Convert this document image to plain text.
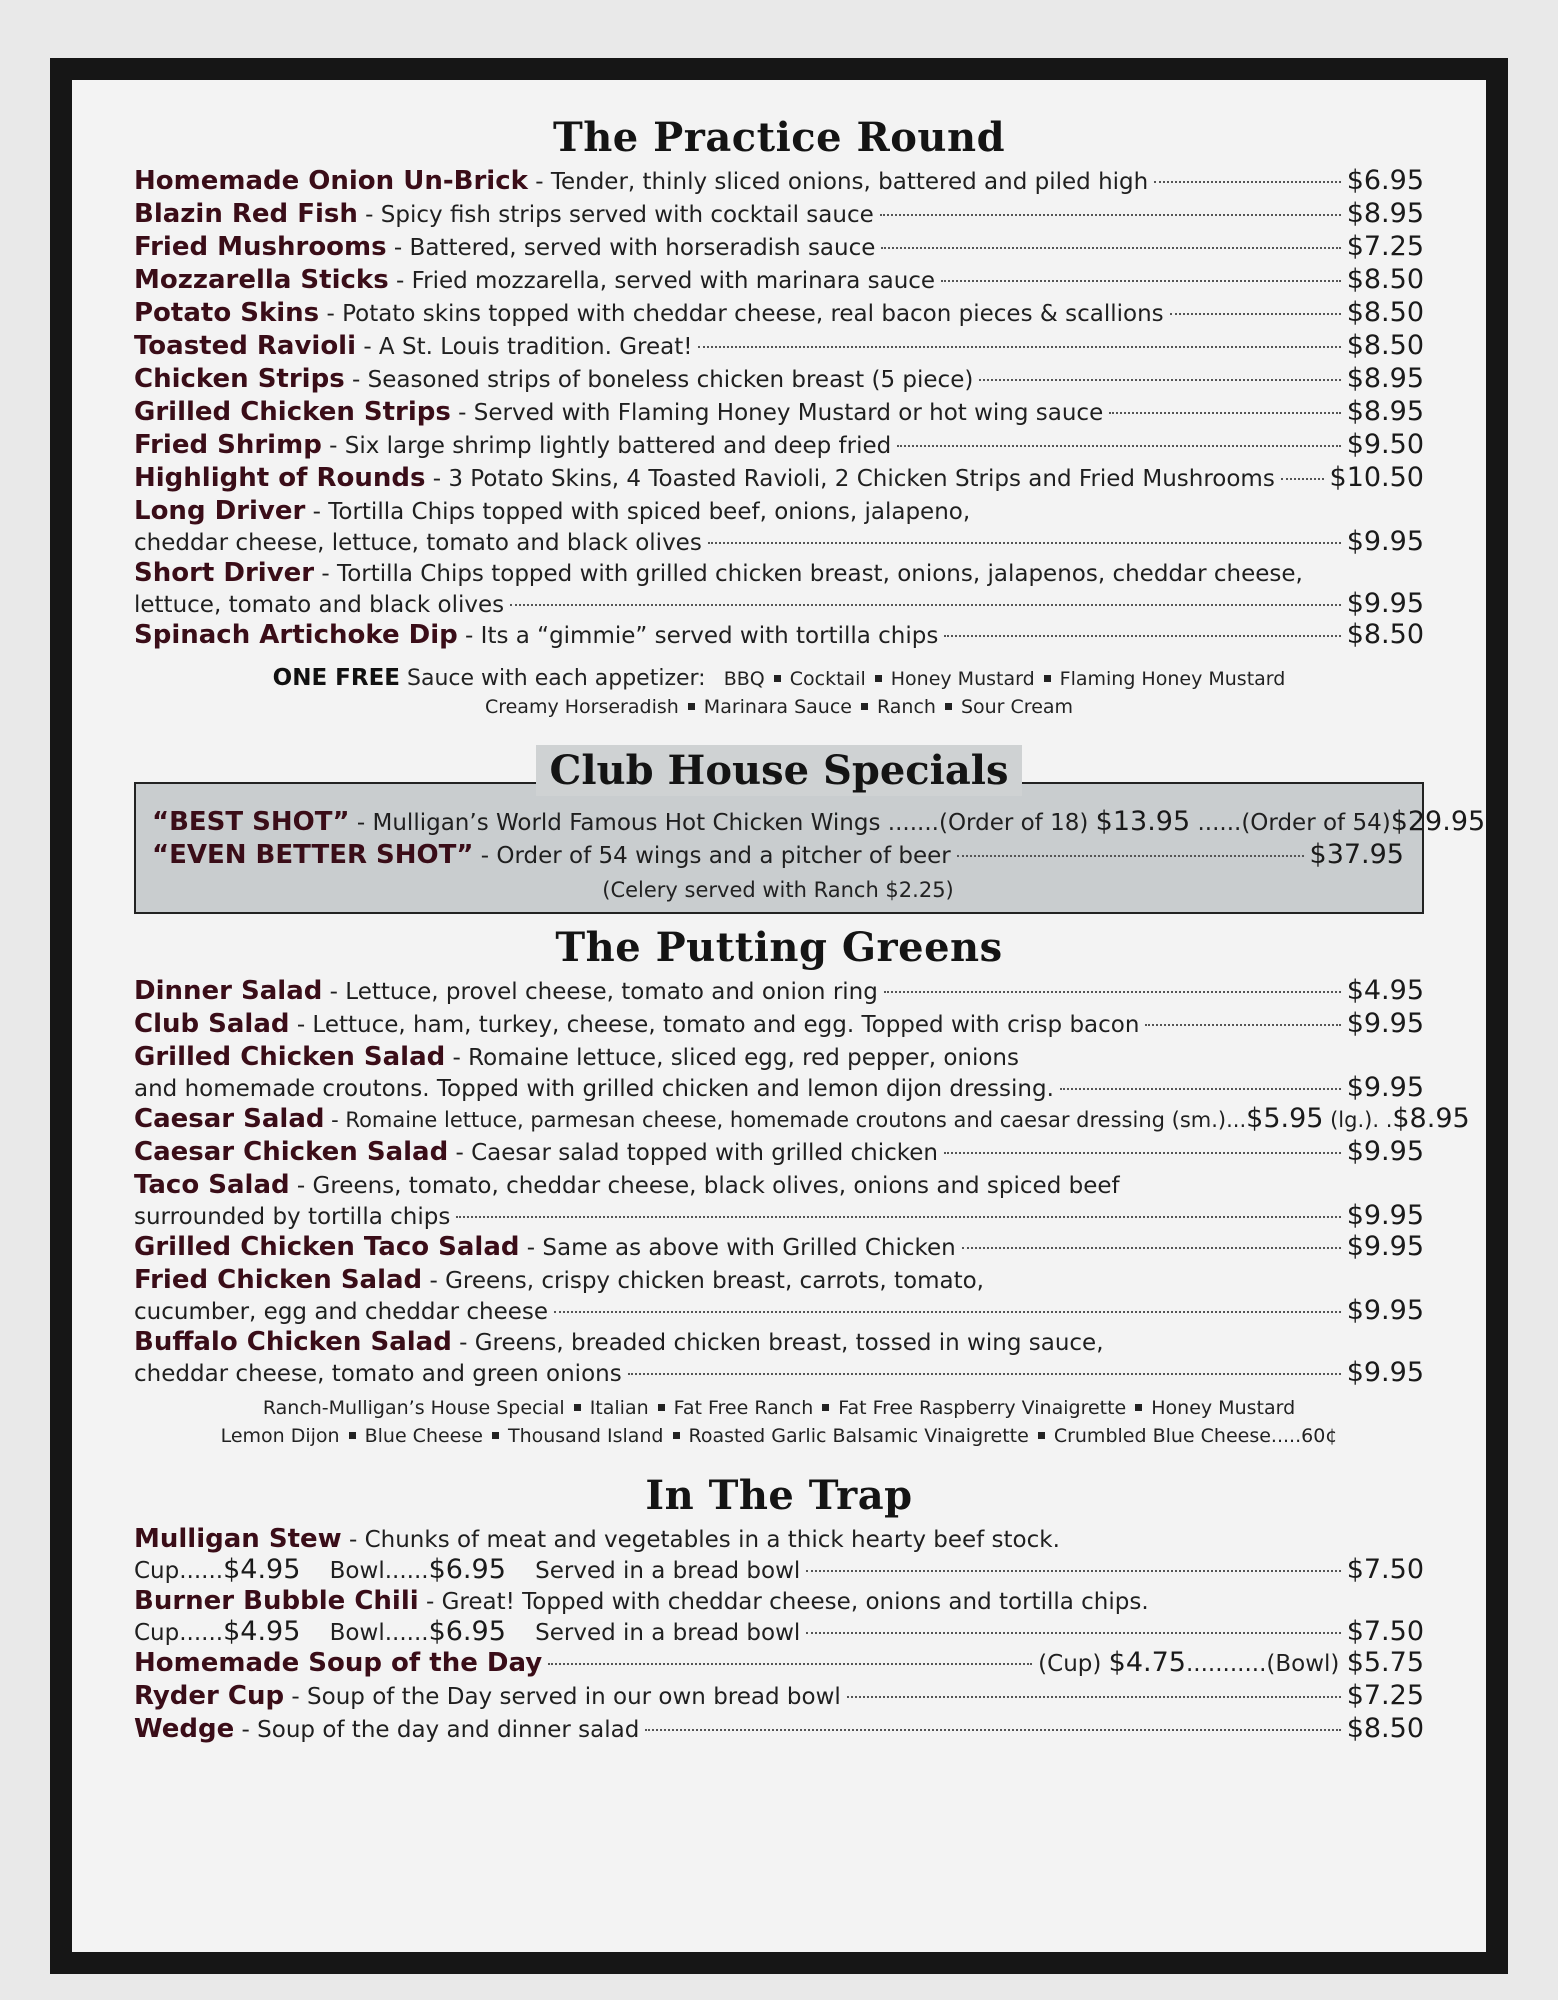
The Practice Round
Homemade Onion Un-Brick - Tender, thinly sliced onions, battered and piled high	$6.95
Blazin Red Fish - Spicy fish strips served with cocktail sauce	$8.95
Fried Mushrooms - Battered, served with horseradish sauce	$7.25
Mozzarella Sticks - Fried mozzarella, served with marinara sauce	$8.50
Potato Skins - Potato skins topped with cheddar cheese, real bacon pieces & scallions	$8.50
Toasted Ravioli - A St. Louis tradition. Great!	$8.50
Chicken Strips - Seasoned strips of boneless chicken breast (5 piece)	$8.95
Grilled Chicken Strips - Served with Flaming Honey Mustard or hot wing sauce	$8.95
Fried Shrimp - Six large shrimp lightly battered and deep fried	$9.50
Highlight of Rounds - 3 Potato Skins, 4 Toasted Ravioli, 2 Chicken Strips and Fried Mushrooms $10.50
Long Driver - Tortilla Chips topped with spiced beef, onions, jalapeno,
cheddar cheese, lettuce, tomato and black olives	$9.95
Short Driver - Tortilla Chips topped with grilled chicken breast, onions, jalapenos, cheddar cheese,
lettuce, tomato and black olives	$9.95
Spinach Artichoke Dip - Its a “gimmie” served with tortilla chips	$8.50
ONE FREE Sauce with each appetizer: BBQ Cocktail Honey Mustard Flaming Honey Mustard
Creamy Horseradish Marinara Sauce Ranch Sour Cream
Club House Specials
“BEST SHOT” - Mulligan’s World Famous Hot Chicken Wings .......(Order of 18) $13.95 ......(Order of 54) $29.95
“EVEN BETTER SHOT” - Order of 54 wings and a pitcher of beer	$37.95
(Celery served with Ranch $2.25)
The Putting Greens
Dinner Salad - Lettuce, provel cheese, tomato and onion ring	$4.95
Club Salad - Lettuce, ham, turkey, cheese, tomato and egg. Topped with crisp bacon	$9.95
Grilled Chicken Salad - Romaine lettuce, sliced egg, red pepper, onions
and homemade croutons. Topped with grilled chicken and lemon dijon dressing.	$9.95
Caesar Salad - Romaine lettuce, parmesan cheese, homemade croutons and caesar dressing (sm.)...$5.95 (lg.). . $8.95
Caesar Chicken Salad - Caesar salad topped with grilled chicken	$9.95
Taco Salad - Greens, tomato, cheddar cheese, black olives, onions and spiced beef
surrounded by tortilla chips	$9.95
Grilled Chicken Taco Salad - Same as above with Grilled Chicken	$9.95
Fried Chicken Salad - Greens, crispy chicken breast, carrots, tomato,
cucumber, egg and cheddar cheese	$9.95
Buffalo Chicken Salad - Greens, breaded chicken breast, tossed in wing sauce,
cheddar cheese, tomato and green onions	$9.95
Ranch-Mulligan’s House Special Italian Fat Free Ranch Fat Free Raspberry Vinaigrette Honey Mustard
Lemon Dijon Blue Cheese Thousand Island Roasted Garlic Balsamic Vinaigrette Crumbled Blue Cheese.....60¢
In The Trap
Mulligan Stew - Chunks of meat and vegetables in a thick hearty beef stock.
Cup......$4.95 Bowl......$6.95 Served in a bread bowl	$7.50
Burner Bubble Chili - Great! Topped with cheddar cheese, onions and tortilla chips.
Cup......$4.95 Bowl......$6.95 Served in a bread bowl	$7.50
Homemade Soup of the Day	(Cup) $4.75...........(Bowl) $5.75
Ryder Cup - Soup of the Day served in our own bread bowl	$7.25
Wedge - Soup of the day and dinner salad	$8.50
